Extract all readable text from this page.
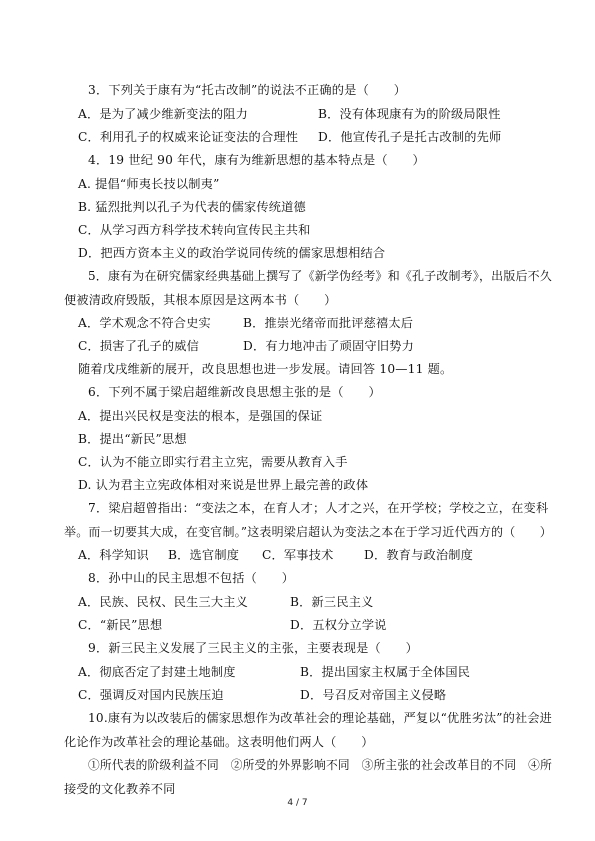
3．下列关于康有为“托古改制”的说法不正确的是（　　）
A．是为了减少维新变法的阻力	B．没有体现康有为的阶级局限性
C．利用孔子的权威来论证变法的合理性 D．他宣传孔子是托古改制的先师
4．19 世纪 90 年代，康有为维新思想的基本特点是（　　）
A. 提倡“师夷长技以制夷”
B. 猛烈批判以孔子为代表的儒家传统道德
C．从学习西方科学技术转向宣传民主共和
D．把西方资本主义的政治学说同传统的儒家思想相结合
5．康有为在研究儒家经典基础上撰写了《新学伪经考》和《孔子改制考》，出版后不久
便被清政府毁版，其根本原因是这两本书（　　）
A．学术观念不符合史实	B．推崇光绪帝而批评慈禧太后
C．损害了孔子的威信	D．有力地冲击了顽固守旧势力
随着戊戌维新的展开，改良思想也进一步发展。请回答 10—11 题。
6．下列不属于梁启超维新改良思想主张的是（　　）
A．提出兴民权是变法的根本，是强国的保证
B．提出“新民”思想
C．认为不能立即实行君主立宪，需要从教育入手
D. 认为君主立宪政体相对来说是世界上最完善的政体
7．梁启超曾指出：“变法之本，在育人才；人才之兴，在开学校；学校之立，在变科
举。而一切要其大成，在变官制。”这表明梁启超认为变法之本在于学习近代西方的（　　）
A．科学知识 B．选官制度 C．军事技术	D．教育与政治制度
8．孙中山的民主思想不包括（　　）
A．民族、民权、民生三大主义	B．新三民主义
C．“新民”思想	D．五权分立学说
9．新三民主义发展了三民主义的主张，主要表现是（　　）
A．彻底否定了封建土地制度	B．提出国家主权属于全体国民
C．强调反对国内民族压迫	D．号召反对帝国主义侵略
10.康有为以改装后的儒家思想作为改革社会的理论基础，严复以“优胜劣汰”的社会进
化论作为改革社会的理论基础。这表明他们两人（　　）
①所代表的阶级利益不同　②所受的外界影响不同　③所主张的社会改革目的不同　④所
接受的文化教养不同
4 / 7
